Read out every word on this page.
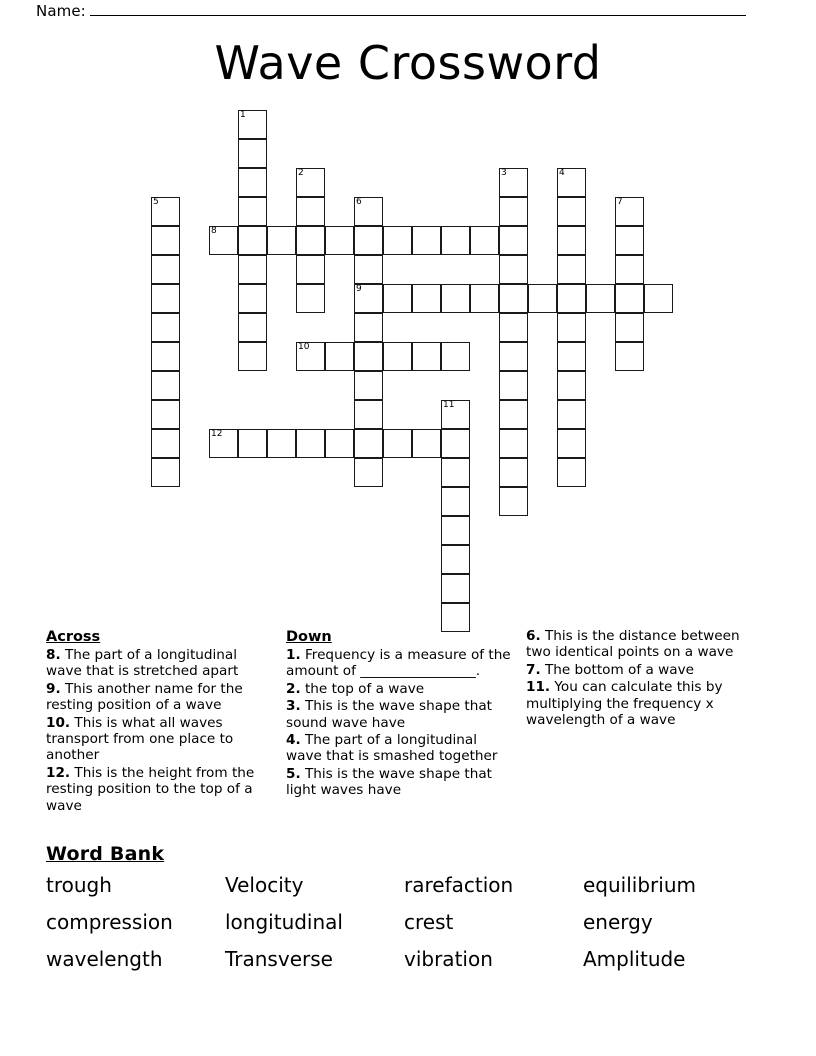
Name:
Wave Crossword
1
2	3	4
5	6
9
7
8
10
11
12
Across
8. The part of a longitudinal wave that is stretched apart
9. This another name for the resting position of a wave
10. This is what all waves transport from one place to another
12. This is the height from the resting position to the top of a wave
Down
1. Frequency is a measure of the amount of _________________.
2. the top of a wave
3. This is the wave shape that sound wave have
4. The part of a longitudinal wave that is smashed together
5. This is the wave shape that light waves have
6. This is the distance between two identical points on a wave
7. The bottom of a wave
11. You can calculate this by multiplying the frequency x wavelength of a wave
Word Bank
trough	Velocity	rarefaction	equilibrium
compression	longitudinal	crest	energy
wavelength	Transverse	vibration	Amplitude
